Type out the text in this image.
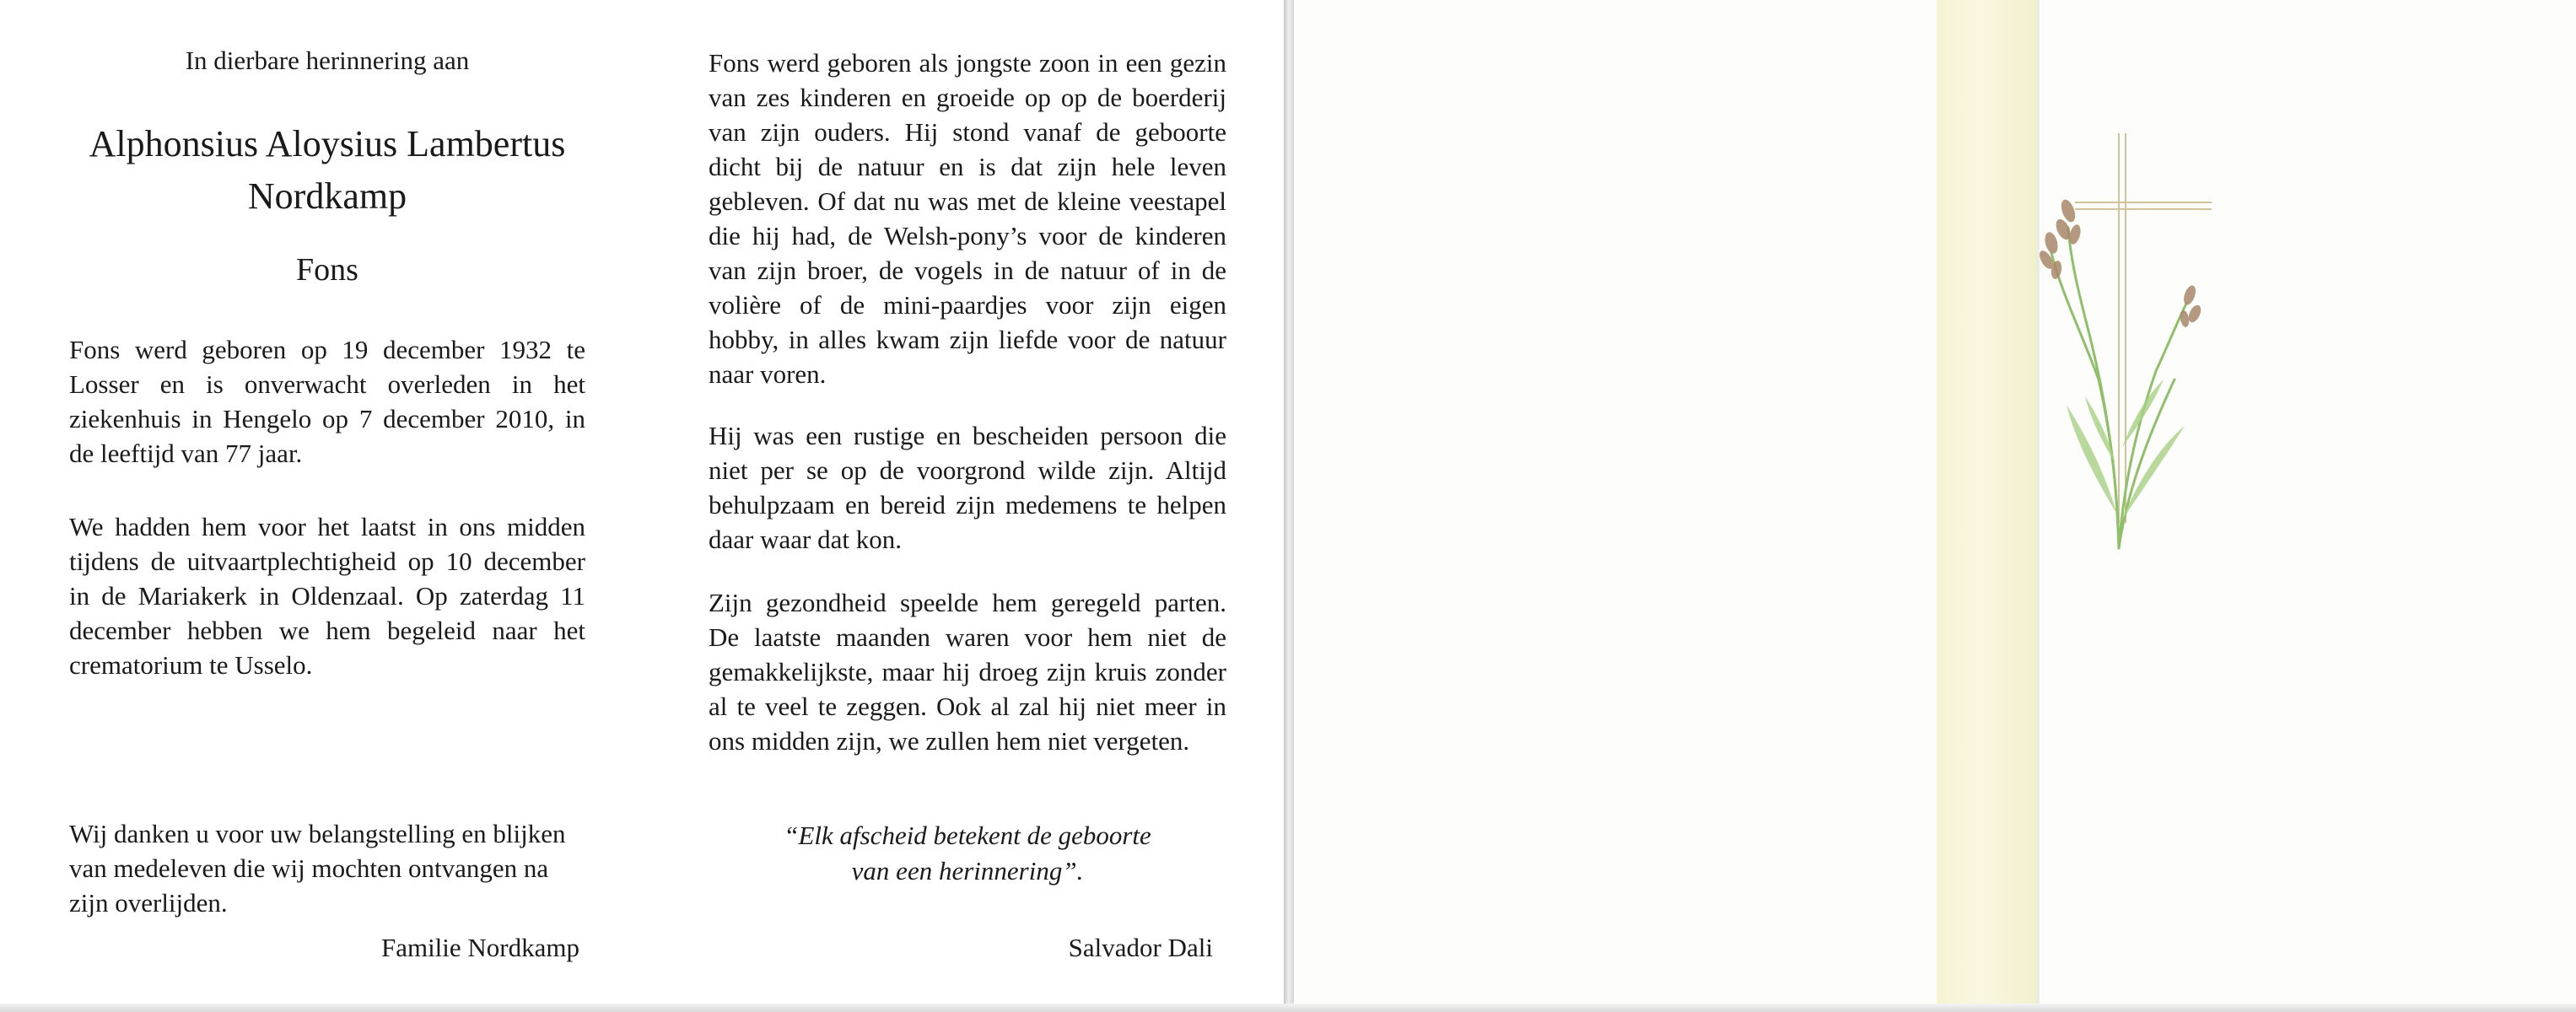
In dierbare herinnering aan
Alphonsius Aloysius Lambertus
Nordkamp
Fons

Fons werd geboren op 19 december 1932 te Losser en is onverwacht overleden in het ziekenhuis in Hengelo op 7 december 2010, in de leeftijd van 77 jaar.

We hadden hem voor het laatst in ons midden tijdens de uitvaartplechtigheid op 10 december in de Mariakerk in Oldenzaal. Op zaterdag 11 december hebben we hem begeleid naar het crematorium te Usselo.

Wij danken u voor uw belangstelling en blijken van medeleven die wij mochten ontvangen na zijn overlijden.

Familie Nordkamp

Fons werd geboren als jongste zoon in een gezin van zes kinderen en groeide op op de boerderij van zijn ouders. Hij stond vanaf de geboorte dicht bij de natuur en is dat zijn hele leven gebleven. Of dat nu was met de kleine veestapel die hij had, de Welsh-pony’s voor de kinderen van zijn broer, de vogels in de natuur of in de volière of de mini-paardjes voor zijn eigen hobby, in alles kwam zijn liefde voor de natuur naar voren.

Hij was een rustige en bescheiden persoon die niet per se op de voorgrond wilde zijn. Altijd behulpzaam en bereid zijn medemens te helpen daar waar dat kon.

Zijn gezondheid speelde hem geregeld parten. De laatste maanden waren voor hem niet de gemakkelijkste, maar hij droeg zijn kruis zonder al te veel te zeggen. Ook al zal hij niet meer in ons midden zijn, we zullen hem niet vergeten.

“Elk afscheid betekent de geboorte
van een herinnering”.
Salvador Dali
